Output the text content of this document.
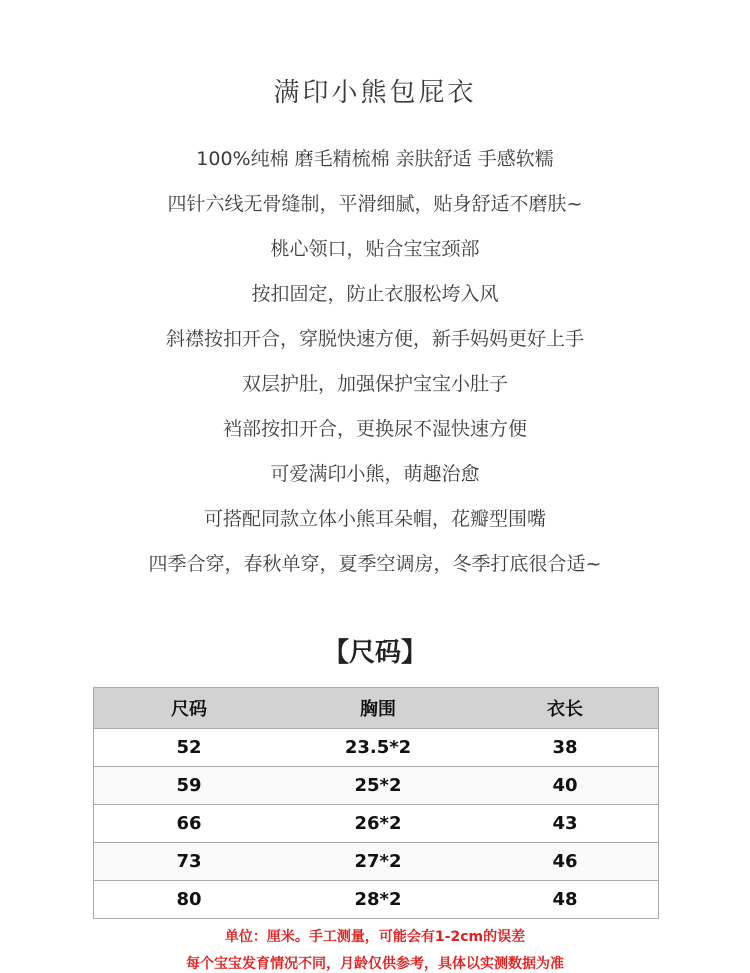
满印小熊包屁衣
100%纯棉 磨毛精梳棉 亲肤舒适 手感软糯
四针六线无骨缝制，平滑细腻，贴身舒适不磨肤~
桃心领口，贴合宝宝颈部
按扣固定，防止衣服松垮入风
斜襟按扣开合，穿脱快速方便，新手妈妈更好上手
双层护肚，加强保护宝宝小肚子
裆部按扣开合，更换尿不湿快速方便
可爱满印小熊，萌趣治愈
可搭配同款立体小熊耳朵帽，花瓣型围嘴
四季合穿，春秋单穿，夏季空调房，冬季打底很合适~
【尺码】
尺码	胸围	衣长
52	23.5*2	38
59	25*2	40
66	26*2	43
73	27*2	46
80	28*2	48
单位：厘米。手工测量，可能会有1-2cm的误差
每个宝宝发育情况不同，月龄仅供参考，具体以实测数据为准
